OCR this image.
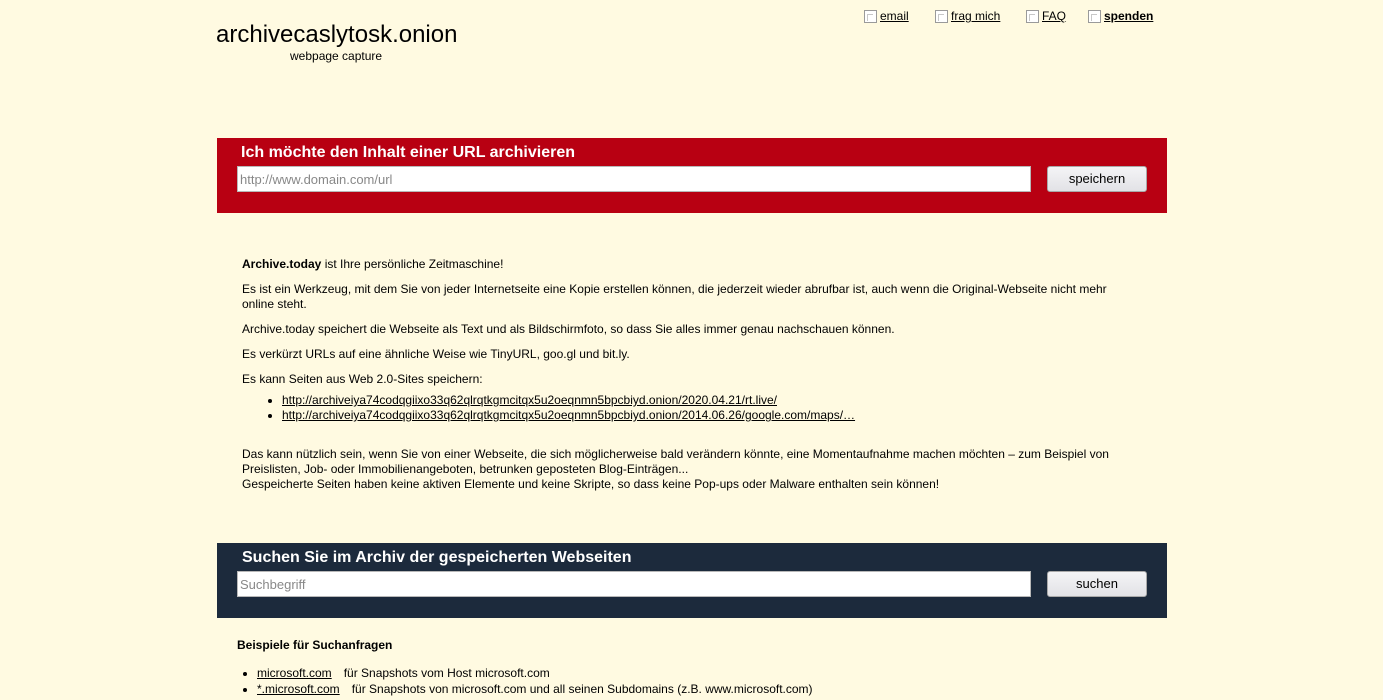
archivecaslytosk.onion
webpage capture
email	frag mich	FAQ	spenden
Ich möchte den Inhalt einer URL archivieren
http://www.domain.com/url
speichern

Archive.today ist Ihre persönliche Zeitmaschine!

Es ist ein Werkzeug, mit dem Sie von jeder Internetseite eine Kopie erstellen können, die jederzeit wieder abrufbar ist, auch wenn die Original-Webseite nicht mehr online steht.

Archive.today speichert die Webseite als Text und als Bildschirmfoto, so dass Sie alles immer genau nachschauen können.

Es verkürzt URLs auf eine ähnliche Weise wie TinyURL, goo.gl und bit.ly.

Es kann Seiten aus Web 2.0-Sites speichern:

• http://archiveiya74codqgiixo33q62qlrqtkgmcitqx5u2oeqnmn5bpcbiyd.onion/2020.04.21/rt.live/
• http://archiveiya74codqgiixo33q62qlrqtkgmcitqx5u2oeqnmn5bpcbiyd.onion/2014.06.26/google.com/maps/…

Das kann nützlich sein, wenn Sie von einer Webseite, die sich möglicherweise bald verändern könnte, eine Momentaufnahme machen möchten – zum Beispiel von Preislisten, Job- oder Immobilienangeboten, betrunken geposteten Blog-Einträgen...
Gespeicherte Seiten haben keine aktiven Elemente und keine Skripte, so dass keine Pop-ups oder Malware enthalten sein können!

Suchen Sie im Archiv der gespeicherten Webseiten
Suchbegriff
suchen

Beispiele für Suchanfragen

• microsoft.com für Snapshots vom Host microsoft.com
• *.microsoft.com für Snapshots von microsoft.com und all seinen Subdomains (z.B. www.microsoft.com)
